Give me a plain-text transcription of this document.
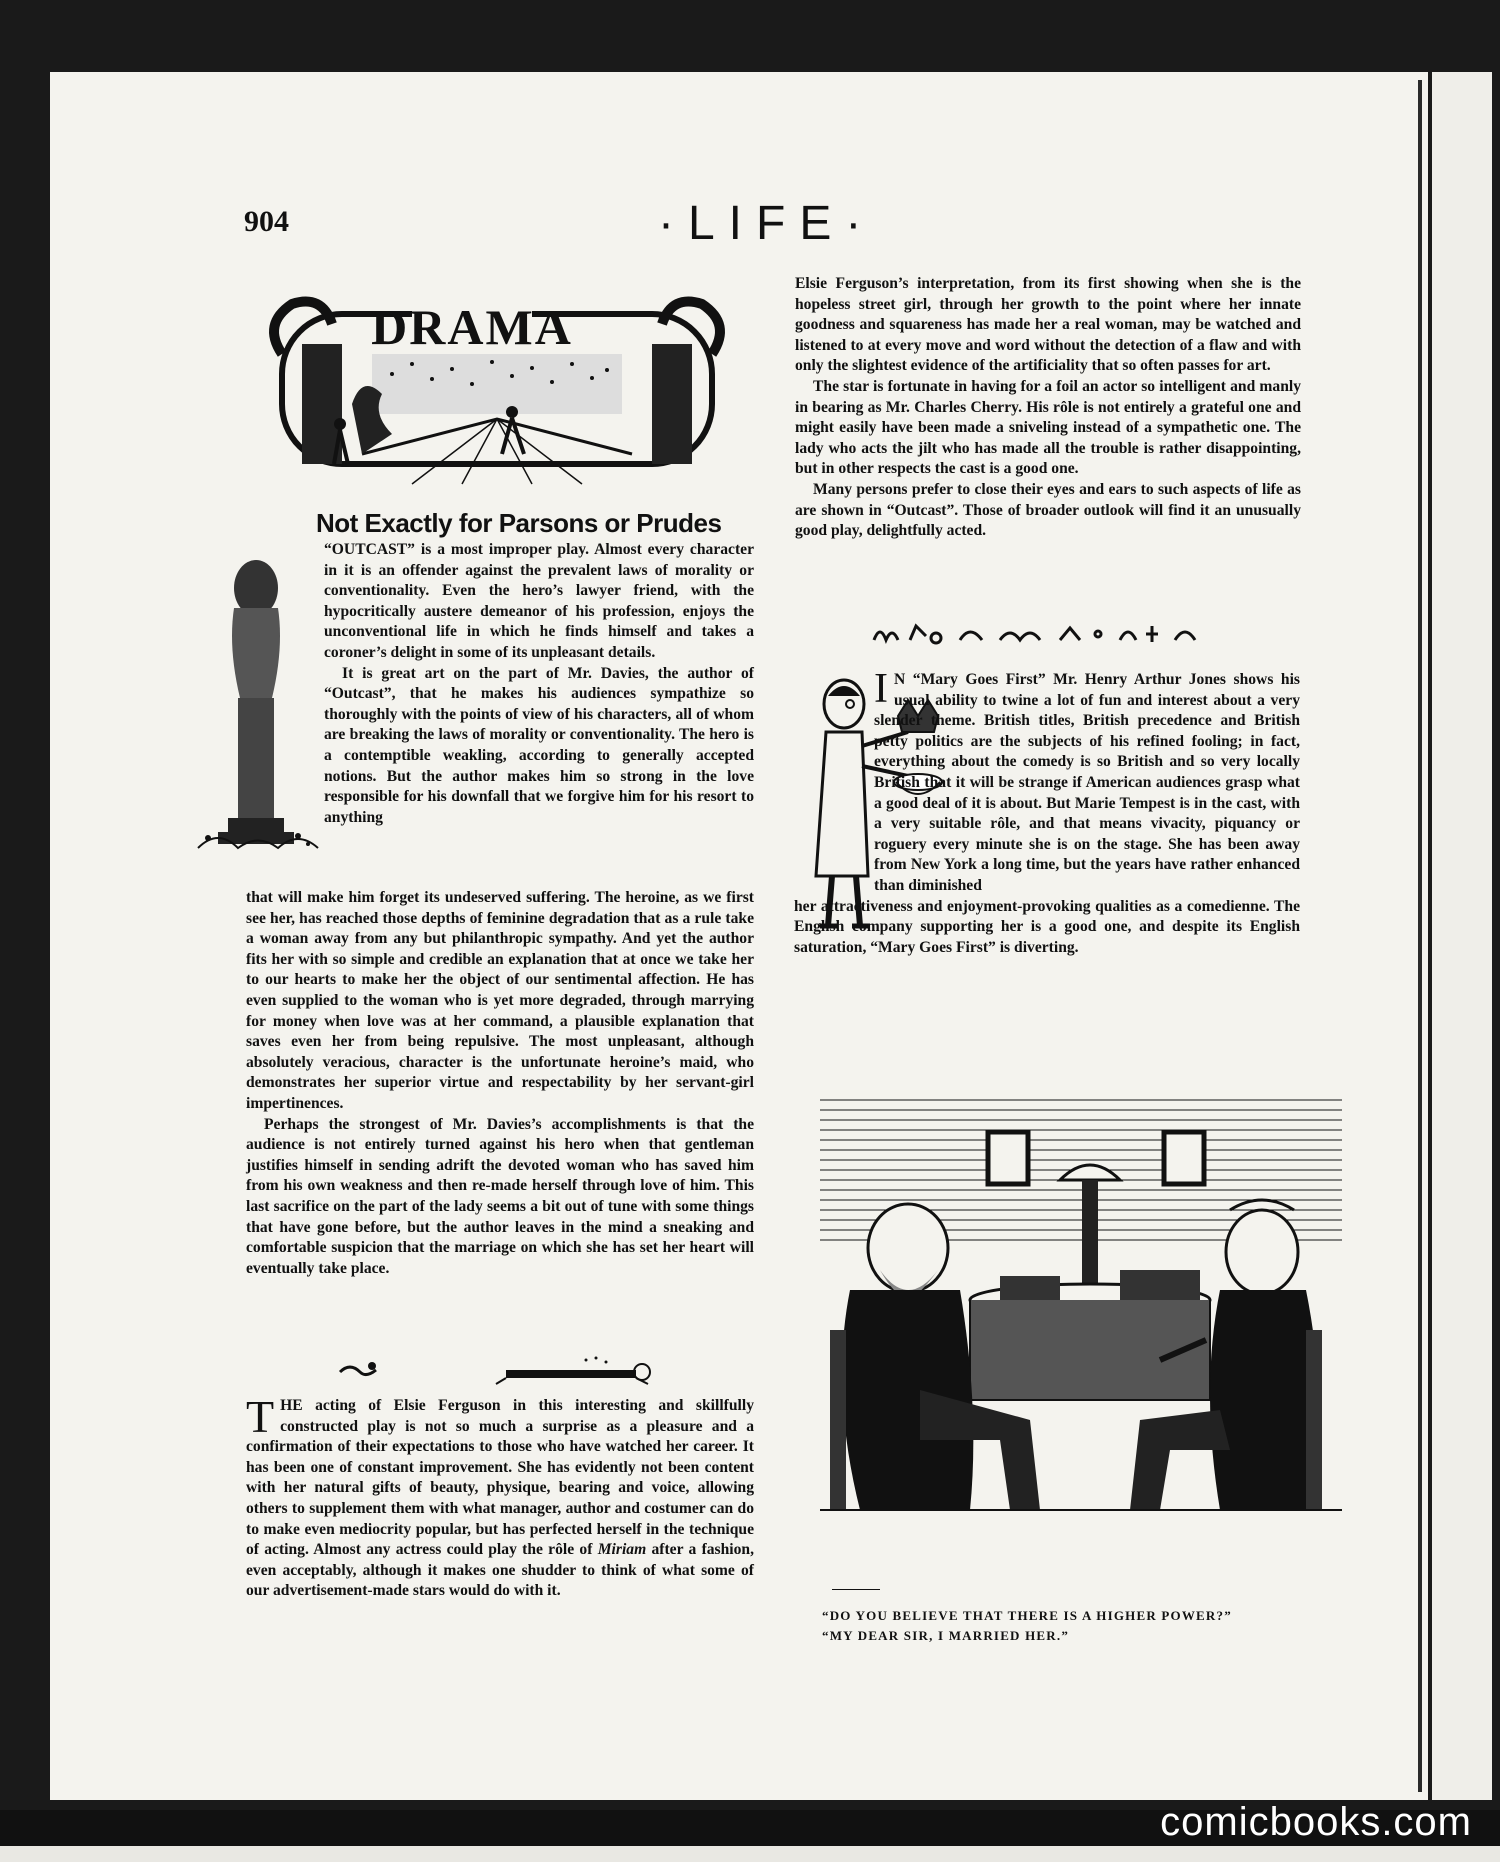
904	·LIFE·
DRAMA
Not Exactly for Parsons or Prudes

“OUTCAST” is a most improper play. Almost every character in it is an offender against the prevalent laws of morality or conventionality. Even the hero’s lawyer friend, with the hypocritically austere demeanor of his profession, enjoys the unconventional life in which he finds himself and takes a coroner’s delight in some of its unpleasant details.

It is great art on the part of Mr. Davies, the author of “Outcast”, that he makes his audiences sympathize so thoroughly with the points of view of his characters, all of whom are breaking the laws of morality or conventionality. The hero is a contemptible weakling, according to generally accepted notions. But the author makes him so strong in the love responsible for his downfall that we forgive him for his resort to anything

that will make him forget its undeserved suffering. The heroine, as we first see her, has reached those depths of feminine degradation that as a rule take a woman away from any but philanthropic sympathy. And yet the author fits her with so simple and credible an explanation that at once we take her to our hearts to make her the object of our sentimental affection. He has even supplied to the woman who is yet more degraded, through marrying for money when love was at her command, a plausible explanation that saves even her from being repulsive. The most unpleasant, although absolutely veracious, character is the unfortunate heroine’s maid, who demonstrates her superior virtue and respectability by her servant-girl impertinences.

Perhaps the strongest of Mr. Davies’s accomplishments is that the audience is not entirely turned against his hero when that gentleman justifies himself in sending adrift the devoted woman who has saved him from his own weakness and then re-made herself through love of him. This last sacrifice on the part of the lady seems a bit out of tune with some things that have gone before, but the author leaves in the mind a sneaking and comfortable suspicion that the marriage on which she has set her heart will eventually take place.

THE acting of Elsie Ferguson in this interesting and skillfully constructed play is not so much a surprise as a pleasure and a confirmation of their expectations to those who have watched her career. It has been one of constant improvement. She has evidently not been content with her natural gifts of beauty, physique, bearing and voice, allowing others to supplement them with what manager, author and costumer can do to make even mediocrity popular, but has perfected herself in the technique of acting. Almost any actress could play the rôle of Miriam after a fashion, even acceptably, although it makes one shudder to think of what some of our advertisement-made stars would do with it.

Elsie Ferguson’s interpretation, from its first showing when she is the hopeless street girl, through her growth to the point where her innate goodness and squareness has made her a real woman, may be watched and listened to at every move and word without the detection of a flaw and with only the slightest evidence of the artificiality that so often passes for art.

The star is fortunate in having for a foil an actor so intelligent and manly in bearing as Mr. Charles Cherry. His rôle is not entirely a grateful one and might easily have been made a sniveling instead of a sympathetic one. The lady who acts the jilt who has made all the trouble is rather disappointing, but in other respects the cast is a good one.

Many persons prefer to close their eyes and ears to such aspects of life as are shown in “Outcast”. Those of broader outlook will find it an unusually good play, delightfully acted.

I N “Mary Goes First” Mr. Henry Arthur Jones shows his usual ability to twine a lot of fun and interest about a very slender theme. British titles, British precedence and British petty politics are the subjects of his refined fooling; in fact, everything about the comedy is so British and so very locally British that it will be strange if American audiences grasp what a good deal of it is about. But Marie Tempest is in the cast, with a very suitable rôle, and that means vivacity, piquancy or roguery every minute she is on the stage. She has been away from New York a long time, but the years have rather enhanced than diminished

her attractiveness and enjoyment-provoking qualities as a comedienne. The English company supporting her is a good one, and despite its English saturation, “Mary Goes First” is diverting.

“DO YOU BELIEVE THAT THERE IS A HIGHER POWER?”
“MY DEAR SIR, I MARRIED HER.”
comicbooks.com
